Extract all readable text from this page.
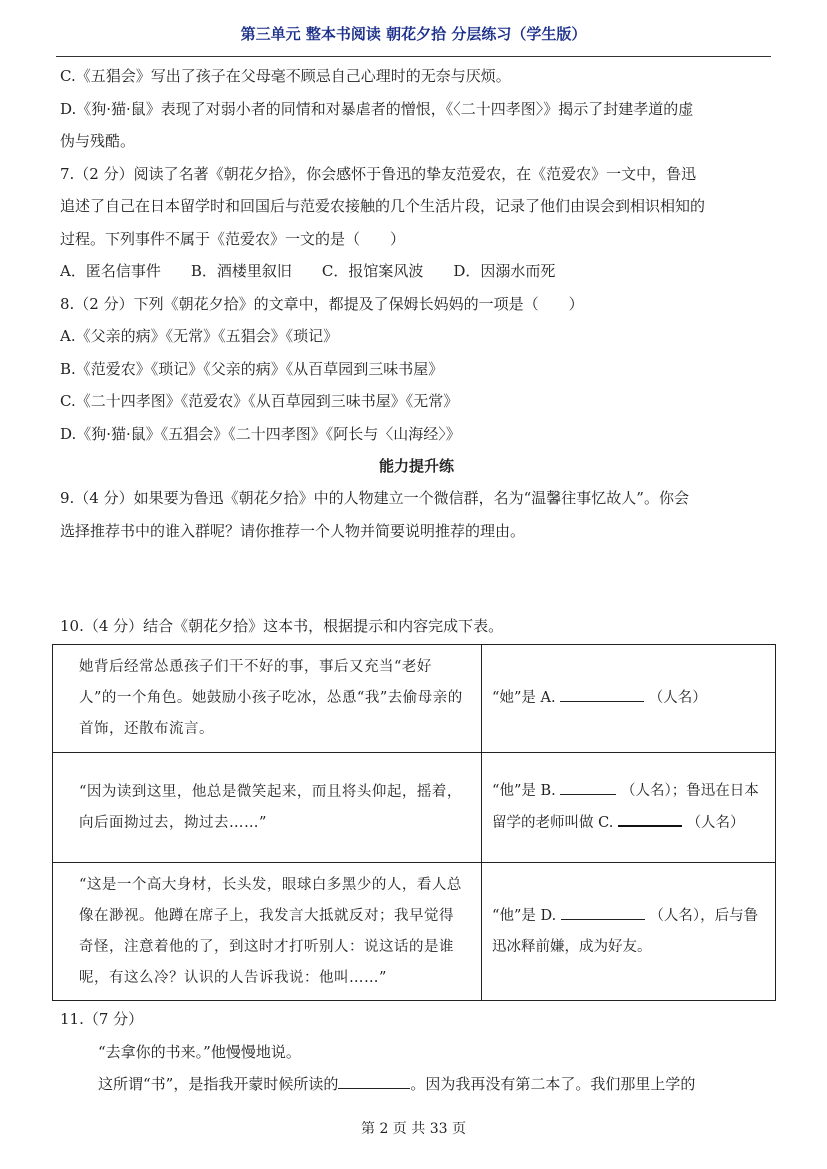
第三单元 整本书阅读 朝花夕拾 分层练习（学生版）
C.《五猖会》写出了孩子在父母毫不顾忌自己心理时的无奈与厌烦。
D.《狗·猫·鼠》表现了对弱小者的同情和对暴虐者的憎恨，《〈二十四孝图〉》揭示了封建孝道的虚
伪与残酷。
7.（2 分）阅读了名著《朝花夕拾》，你会感怀于鲁迅的挚友范爱农，在《范爱农》一文中，鲁迅
追述了自己在日本留学时和回国后与范爱农接触的几个生活片段，记录了他们由误会到相识相知的
过程。下列事件不属于《范爱农》一文的是（　　）
A．匿名信事件 B．酒楼里叙旧 C．报馆案风波 D．因溺水而死
8.（2 分）下列《朝花夕拾》的文章中，都提及了保姆长妈妈的一项是（　　）
A.《父亲的病》《无常》《五猖会》《琐记》
B.《范爱农》《琐记》《父亲的病》《从百草园到三味书屋》
C.《二十四孝图》《范爱农》《从百草园到三味书屋》《无常》
D.《狗·猫·鼠》《五猖会》《二十四孝图》《阿长与〈山海经〉》
能力提升练
9.（4 分）如果要为鲁迅《朝花夕拾》中的人物建立一个微信群，名为“温馨往事忆故人”。你会
选择推荐书中的谁入群呢？请你推荐一个人物并简要说明推荐的理由。
10.（4 分）结合《朝花夕拾》这本书，根据提示和内容完成下表。
她背后经常怂恿孩子们干不好的事，事后又充当“老好人”的一个角色。她鼓励小孩子吃冰，怂恿“我”去偷母亲的首饰，还散布流言。	“她”是 A. （人名）
“因为读到这里，他总是微笑起来，而且将头仰起，摇着，向后面拗过去，拗过去……”	“他”是 B. （人名）；鲁迅在日本留学的老师叫做 C. （人名）
“这是一个高大身材，长头发，眼球白多黑少的人，看人总像在渺视。他蹲在席子上，我发言大抵就反对；我早觉得奇怪，注意着他的了，到这时才打听别人：说这话的是谁呢，有这么冷？认识的人告诉我说：他叫……”	“他”是 D. （人名），后与鲁迅冰释前嫌，成为好友。
11.（7 分）
“去拿你的书来。”他慢慢地说。
这所谓“书”，是指我开蒙时候所读的	。因为我再没有第二本了。我们那里上学的
第 2 页 共 33 页
